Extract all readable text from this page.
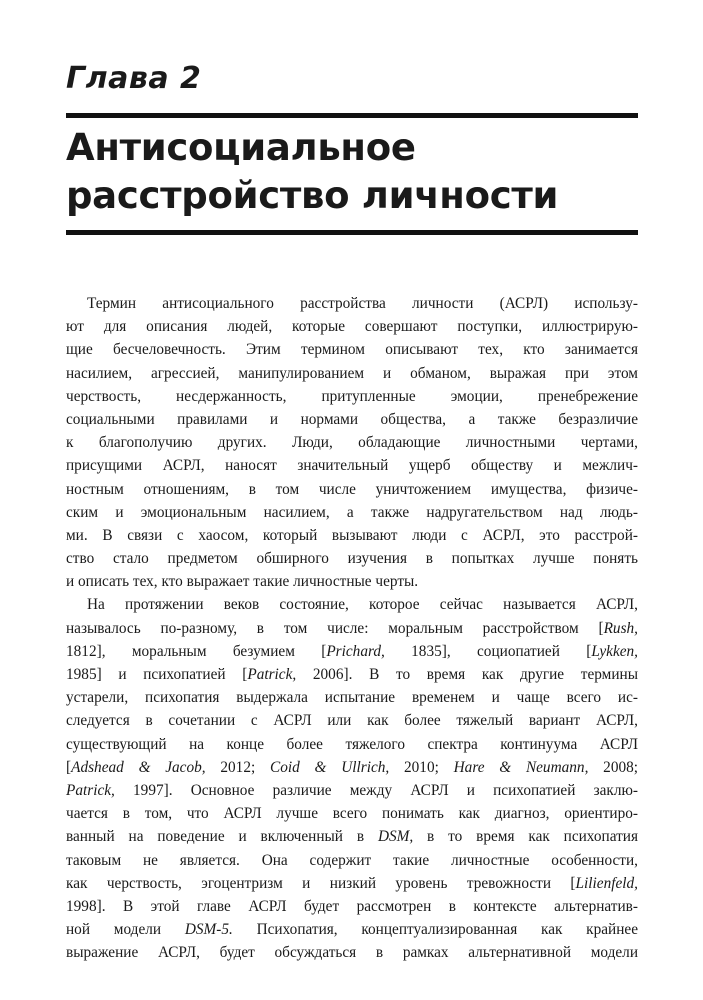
Глава 2
Антисоциальное
расстройство личности
Термин антисоциального расстройства личности (АСРЛ) использу-
ют для описания людей, которые совершают поступки, иллюстрирую-
щие бесчеловечность. Этим термином описывают тех, кто занимается
насилием, агрессией, манипулированием и обманом, выражая при этом
черствость, несдержанность, притупленные эмоции, пренебрежение
социальными правилами и нормами общества, а также безразличие
к благополучию других. Люди, обладающие личностными чертами,
присущими АСРЛ, наносят значительный ущерб обществу и межлич-
ностным отношениям, в том числе уничтожением имущества, физиче-
ским и эмоциональным насилием, а также надругательством над людь-
ми. В связи с хаосом, который вызывают люди с АСРЛ, это расстрой-
ство стало предметом обширного изучения в попытках лучше понять
и описать тех, кто выражает такие личностные черты.
На протяжении веков состояние, которое сейчас называется АСРЛ,
называлось по-разному, в том числе: моральным расстройством [Rush,
1812], моральным безумием [Prichard, 1835], социопатией [Lykken,
1985] и психопатией [Patrick, 2006]. В то время как другие термины
устарели, психопатия выдержала испытание временем и чаще всего ис-
следуется в сочетании с АСРЛ или как более тяжелый вариант АСРЛ,
существующий на конце более тяжелого спектра континуума АСРЛ
[Adshead & Jacob, 2012; Coid & Ullrich, 2010; Hare & Neumann, 2008;
Patrick, 1997]. Основное различие между АСРЛ и психопатией заклю-
чается в том, что АСРЛ лучше всего понимать как диагноз, ориентиро-
ванный на поведение и включенный в DSM, в то время как психопатия
таковым не является. Она содержит такие личностные особенности,
как черствость, эгоцентризм и низкий уровень тревожности [Lilienfeld,
1998]. В этой главе АСРЛ будет рассмотрен в контексте альтернатив-
ной модели DSM-5. Психопатия, концептуализированная как крайнее
выражение АСРЛ, будет обсуждаться в рамках альтернативной модели
